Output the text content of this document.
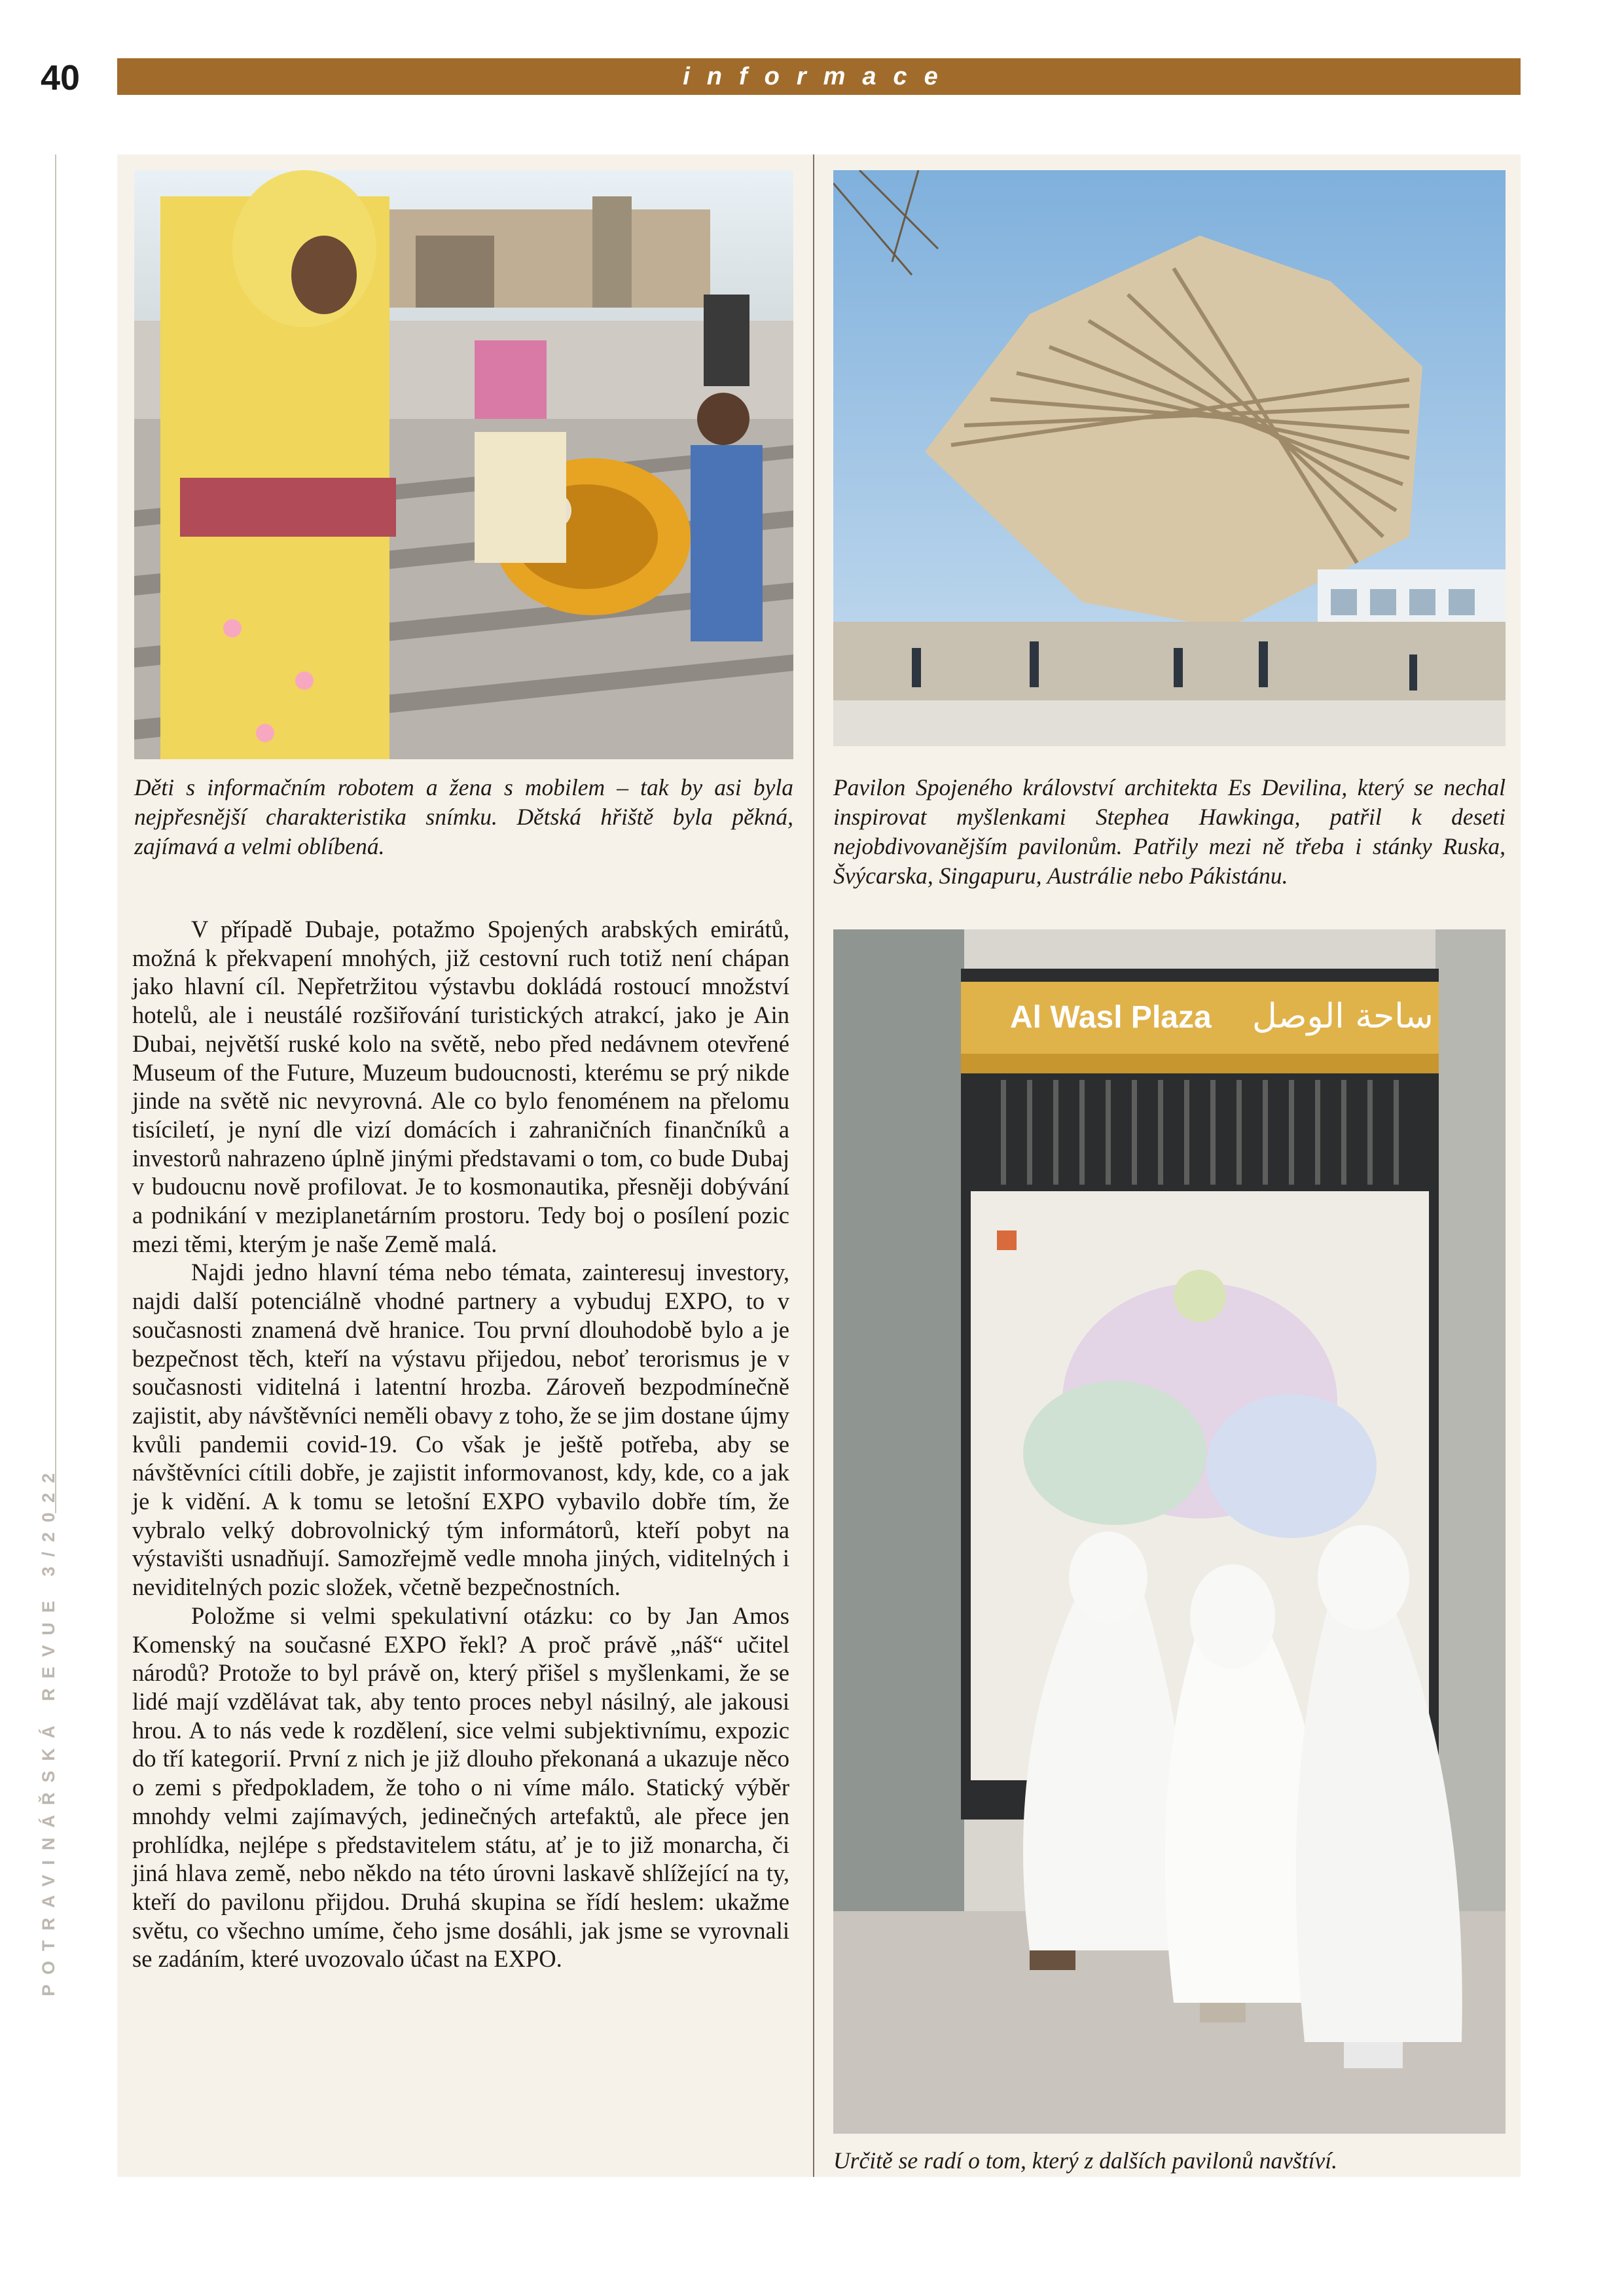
40	informace
POTRAVINÁŘSKÁ REVUE 3/2022
Děti s informačním robotem a žena s mobilem – tak by asi byla nejpřesnější charakteristika snímku. Dětská hřiště byla pěkná, zajímavá a velmi oblíbená.
Pavilon Spojeného království architekta Es Devilina, který se nechal inspirovat myšlenkami Stephea Hawkinga, patřil k deseti nejobdivovanějším pavilonům. Patřily mezi ně třeba i stánky Ruska, Švýcarska, Singapuru, Austrálie nebo Pákistánu.
Al Wasl Plaza ساحة الوصل
Určitě se radí o tom, který z dalších pavilonů navštíví.

V případě Dubaje, potažmo Spojených arabských emirátů, možná k překvapení mnohých, již cestovní ruch totiž není chápan jako hlavní cíl. Nepřetržitou výstavbu dokládá rostoucí množství hotelů, ale i neustálé rozšiřování turistických atrakcí, jako je Ain Dubai, největší ruské kolo na světě, nebo před nedávnem otevřené Museum of the Future, Muzeum budoucnosti, kterému se prý nikde jinde na světě nic nevyrovná. Ale co bylo fenoménem na přelomu tisíciletí, je nyní dle vizí domácích i zahraničních finančníků a investorů nahrazeno úplně jinými představami o tom, co bude Dubaj v budoucnu nově profilovat. Je to kosmonautika, přesněji dobývání a podnikání v meziplanetárním prostoru. Tedy boj o posílení pozic mezi těmi, kterým je naše Země malá.

Najdi jedno hlavní téma nebo témata, zainteresuj investory, najdi další potenciálně vhodné partnery a vybuduj EXPO, to v současnosti znamená dvě hranice. Tou první dlouhodobě bylo a je bezpečnost těch, kteří na výstavu přijedou, neboť terorismus je v současnosti viditelná i latentní hrozba. Zároveň bezpodmínečně zajistit, aby návštěvníci neměli obavy z toho, že se jim dostane újmy kvůli pandemii covid-19. Co však je ještě potřeba, aby se návštěvníci cítili dobře, je zajistit informovanost, kdy, kde, co a jak je k vidění. A k tomu se letošní EXPO vybavilo dobře tím, že vybralo velký dobrovolnický tým informátorů, kteří pobyt na výstavišti usnadňují. Samozřejmě vedle mnoha jiných, viditelných i neviditelných pozic složek, včetně bezpečnostních.

Položme si velmi spekulativní otázku: co by Jan Amos Komenský na současné EXPO řekl? A proč právě „náš“ učitel národů? Protože to byl právě on, který přišel s myšlenkami, že se lidé mají vzdělávat tak, aby tento proces nebyl násilný, ale jakousi hrou. A to nás vede k rozdělení, sice velmi subjektivnímu, expozic do tří kategorií. První z nich je již dlouho překonaná a ukazuje něco o zemi s předpokladem, že toho o ni víme málo. Statický výběr mnohdy velmi zajímavých, jedinečných artefaktů, ale přece jen prohlídka, nejlépe s představitelem státu, ať je to již monarcha, či jiná hlava země, nebo někdo na této úrovni laskavě shlížející na ty, kteří do pavilonu přijdou. Druhá skupina se řídí heslem: ukažme světu, co všechno umíme, čeho jsme dosáhli, jak jsme se vyrovnali se zadáním, které uvozovalo účast na EXPO.
